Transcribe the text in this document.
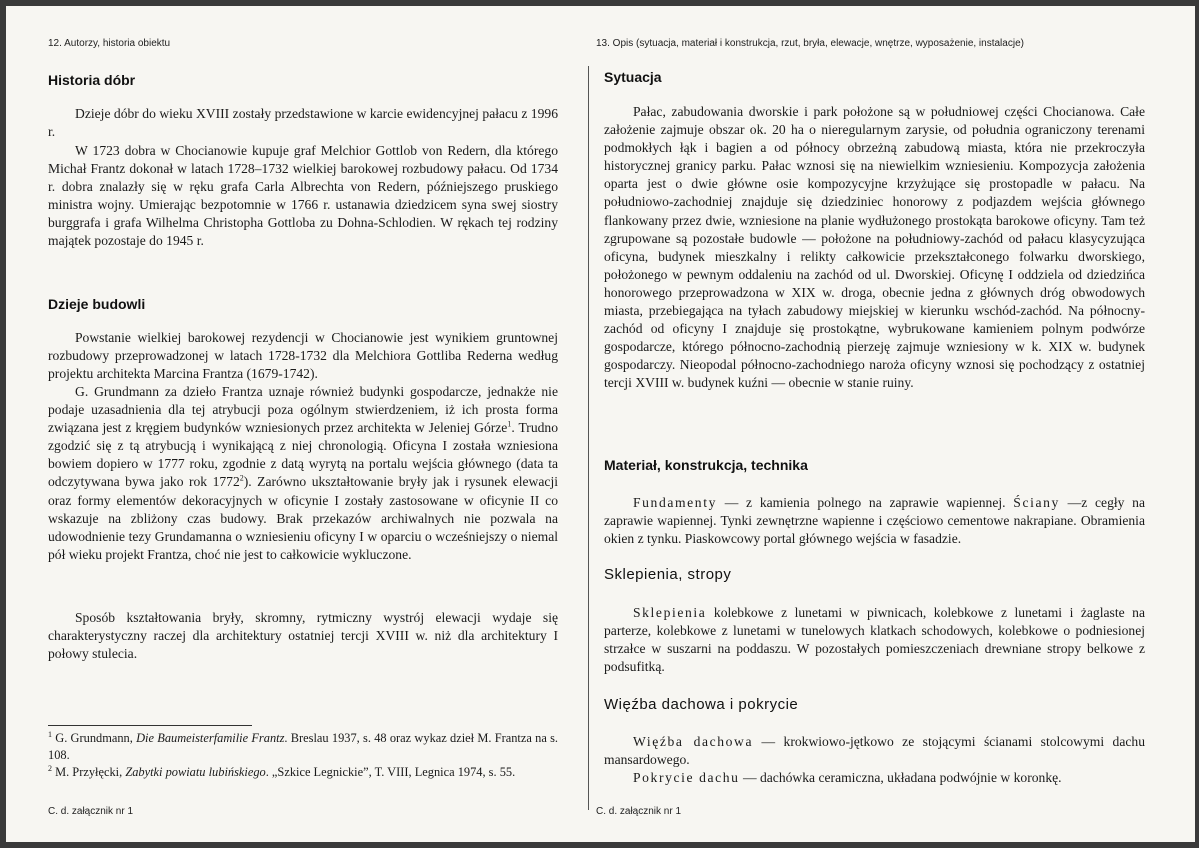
12. Autorzy, historia obiektu
Historia dóbr

Dzieje dóbr do wieku XVIII zostały przedstawione w karcie ewidencyjnej pałacu z 1996 r.

W 1723 dobra w Chocianowie kupuje graf Melchior Gottlob von Redern, dla którego Michał Frantz dokonał w latach 1728–1732 wielkiej barokowej rozbudowy pałacu. Od 1734 r. dobra znalazły się w ręku grafa Carla Albrechta von Redern, późniejszego pruskiego ministra wojny. Umierając bezpotomnie w 1766 r. ustanawia dziedzicem syna swej siostry burggrafa i grafa Wilhelma Christopha Gottloba zu Dohna-Schlodien. W rękach tej rodziny majątek pozostaje do 1945 r.

Dzieje budowli

Powstanie wielkiej barokowej rezydencji w Chocianowie jest wynikiem gruntownej rozbudowy przeprowadzonej w latach 1728-1732 dla Melchiora Gottliba Rederna według projektu architekta Marcina Frantza (1679-1742).

G. Grundmann za dzieło Frantza uznaje również budynki gospodarcze, jednakże nie podaje uzasadnienia dla tej atrybucji poza ogólnym stwierdzeniem, iż ich prosta forma związana jest z kręgiem budynków wzniesionych przez architekta w Jeleniej Górze$^1$. Trudno zgodzić się z tą atrybucją i wynikającą z niej chronologią. Oficyna I została wzniesiona bowiem dopiero w 1777 roku, zgodnie z datą wyrytą na portalu wejścia głównego (data ta odczytywana bywa jako rok 1772$^2$). Zarówno ukształtowanie bryły jak i rysunek elewacji oraz formy elementów dekoracyjnych w oficynie I zostały zastosowane w oficynie II co wskazuje na zbliżony czas budowy. Brak przekazów archiwalnych nie pozwala na udowodnienie tezy Grundamanna o wzniesieniu oficyny I w oparciu o wcześniejszy o niemal pół wieku projekt Frantza, choć nie jest to całkowicie wykluczone.

Sposób kształtowania bryły, skromny, rytmiczny wystrój elewacji wydaje się charakterystyczny raczej dla architektury ostatniej tercji XVIII w. niż dla architektury I połowy stulecia.

$^1$ G. Grundmann, Die Baumeisterfamilie Frantz. Breslau 1937, s. 48 oraz wykaz dzieł M. Frantza na s. 108.

$^2$ M. Przyłęcki, Zabytki powiatu lubińskiego. „Szkice Legnickie”, T. VIII, Legnica 1974, s. 55.

C. d. załącznik nr 1
13. Opis (sytuacja, materiał i konstrukcja, rzut, bryła, elewacje, wnętrze, wyposażenie, instalacje)
Sytuacja

Pałac, zabudowania dworskie i park położone są w południowej części Chocianowa. Całe założenie zajmuje obszar ok. 20 ha o nieregularnym zarysie, od południa ograniczony terenami podmokłych łąk i bagien a od północy obrzeżną zabudową miasta, która nie przekroczyła historycznej granicy parku. Pałac wznosi się na niewielkim wzniesieniu. Kompozycja założenia oparta jest o dwie główne osie kompozycyjne krzyżujące się prostopadle w pałacu. Na południowo-zachodniej znajduje się dziedziniec honorowy z podjazdem wejścia głównego flankowany przez dwie, wzniesione na planie wydłużonego prostokąta barokowe oficyny. Tam też zgrupowane są pozostałe budowle — położone na południowy-zachód od pałacu klasycyzująca oficyna, budynek mieszkalny i relikty całkowicie przekształconego folwarku dworskiego, położonego w pewnym oddaleniu na zachód od ul. Dworskiej. Oficynę I oddziela od dziedzińca honorowego przeprowadzona w XIX w. droga, obecnie jedna z głównych dróg obwodowych miasta, przebiegająca na tyłach zabudowy miejskiej w kierunku wschód-zachód. Na północny-zachód od oficyny I znajduje się prostokątne, wybrukowane kamieniem polnym podwórze gospodarcze, którego północno-zachodnią pierzeję zajmuje wzniesiony w k. XIX w. budynek gospodarczy. Nieopodal północno-zachodniego naroża oficyny wznosi się pochodzący z ostatniej tercji XVIII w. budynek kuźni — obecnie w stanie ruiny.

Materiał, konstrukcja, technika

Fundamenty — z kamienia polnego na zaprawie wapiennej. Ściany —z cegły na zaprawie wapiennej. Tynki zewnętrzne wapienne i częściowo cementowe nakrapiane. Obramienia okien z tynku. Piaskowcowy portal głównego wejścia w fasadzie.

Sklepienia, stropy

Sklepienia kolebkowe z lunetami w piwnicach, kolebkowe z lunetami i żaglaste na parterze, kolebkowe z lunetami w tunelowych klatkach schodowych, kolebkowe o podniesionej strzałce w suszarni na poddaszu. W pozostałych pomieszczeniach drewniane stropy belkowe z podsufitką.

Więźba dachowa i pokrycie

Więźba dachowa — krokwiowo-jętkowo ze stojącymi ścianami stolcowymi dachu mansardowego.

Pokrycie dachu — dachówka ceramiczna, układana podwójnie w koronkę.

C. d. załącznik nr 1
